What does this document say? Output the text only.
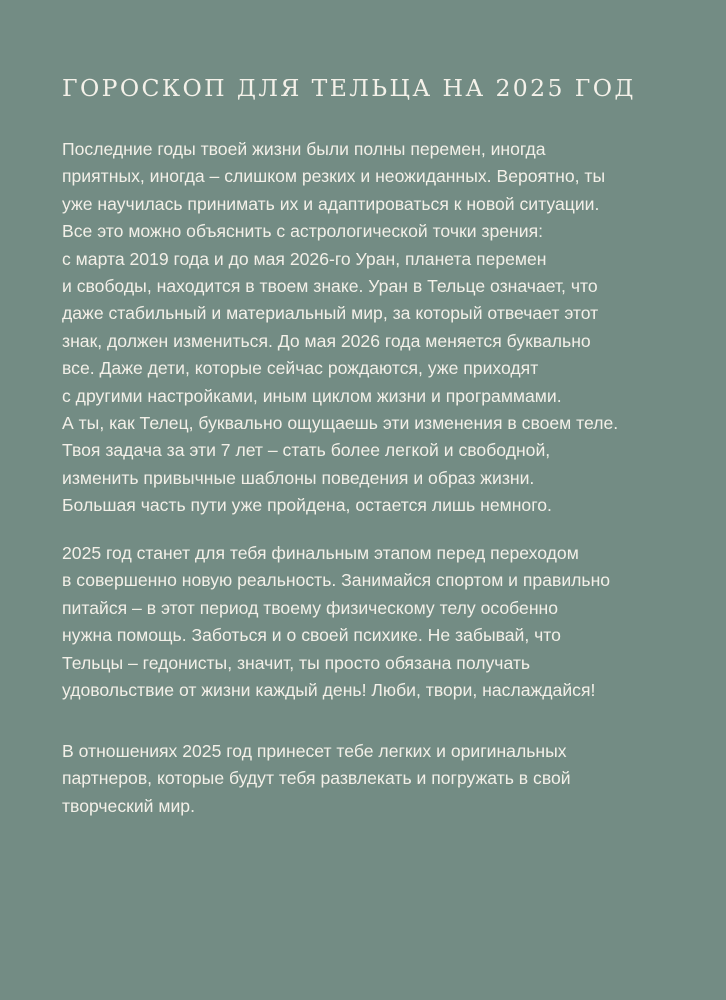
ГОРОСКОП ДЛЯ ТЕЛЬЦА НА 2025 ГОД

Последние годы твоей жизни были полны перемен, иногда
приятных, иногда – слишком резких и неожиданных. Вероятно, ты
уже научилась принимать их и адаптироваться к новой ситуации.
Все это можно объяснить с астрологической точки зрения:
с марта 2019 года и до мая 2026-го Уран, планета перемен
и свободы, находится в твоем знаке. Уран в Тельце означает, что
даже стабильный и материальный мир, за который отвечает этот
знак, должен измениться. До мая 2026 года меняется буквально
все. Даже дети, которые сейчас рождаются, уже приходят
с другими настройками, иным циклом жизни и программами.
А ты, как Телец, буквально ощущаешь эти изменения в своем теле.
Твоя задача за эти 7 лет – стать более легкой и свободной,
изменить привычные шаблоны поведения и образ жизни.
Большая часть пути уже пройдена, остается лишь немного.

2025 год станет для тебя финальным этапом перед переходом
в совершенно новую реальность. Занимайся спортом и правильно
питайся – в этот период твоему физическому телу особенно
нужна помощь. Заботься и о своей психике. Не забывай, что
Тельцы – гедонисты, значит, ты просто обязана получать
удовольствие от жизни каждый день! Люби, твори, наслаждайся!

В отношениях 2025 год принесет тебе легких и оригинальных
партнеров, которые будут тебя развлекать и погружать в свой
творческий мир.
